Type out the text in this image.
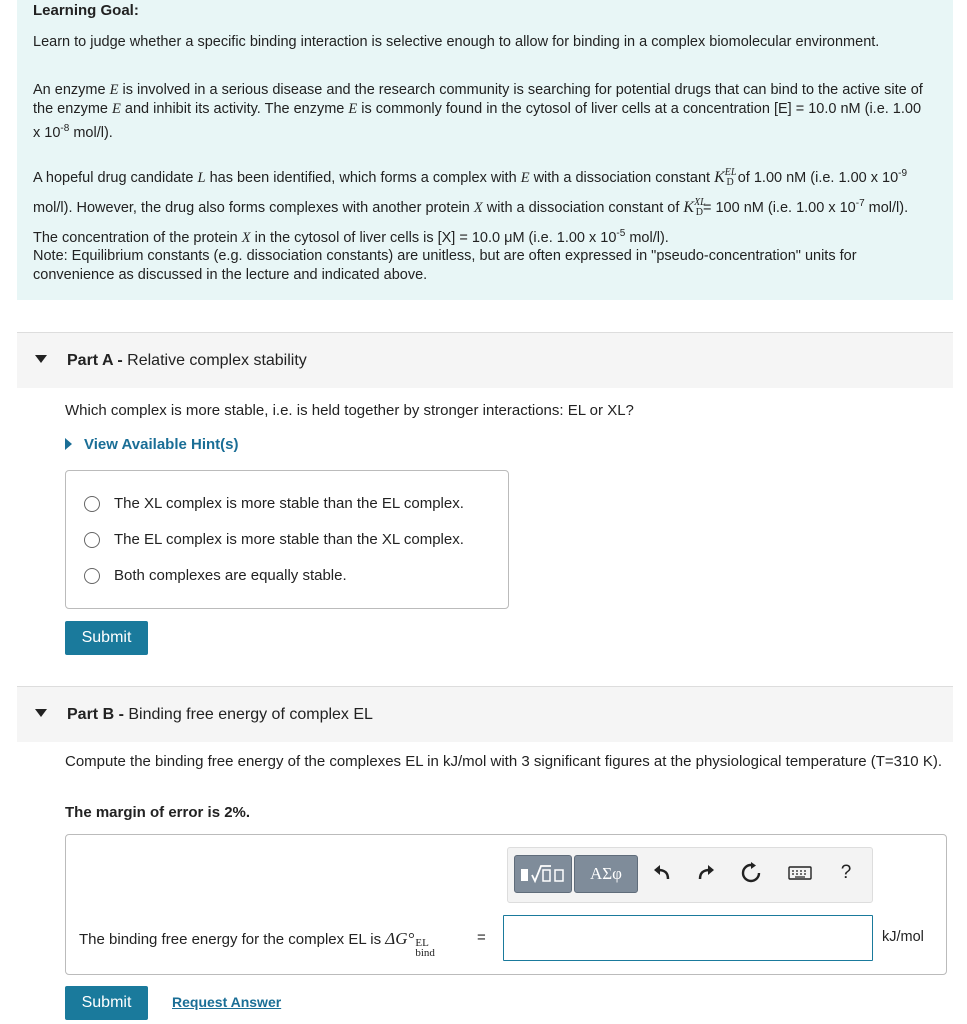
Learning Goal:

Learn to judge whether a specific binding interaction is selective enough to allow for binding in a complex biomolecular environment.

An enzyme E is involved in a serious disease and the research community is searching for potential drugs that can bind to the active site of the enzyme E and inhibit its activity. The enzyme E is commonly found in the cytosol of liver cells at a concentration [E] = 10.0 nM (i.e. 1.00 x $10^{-8}$ mol/l).

A hopeful drug candidate L has been identified, which forms a complex with E with a dissociation constant $K^{EL}D$ of 1.00 nM (i.e. 1.00 x $10^{-9}$ mol/l). However, the drug also forms complexes with another protein X with a dissociation constant of $K^{XL}D= 100$ nM (i.e. 1.00 x $10^{-7}$ mol/l). The concentration of the protein X in the cytosol of liver cells is [X] = 10.0 μM (i.e. 1.00 x $10^{-5}$ mol/l).

Note: Equilibrium constants (e.g. dissociation constants) are unitless, but are often expressed in "pseudo-concentration" units for convenience as discussed in the lecture and indicated above.

Part A - Relative complex stability
Which complex is more stable, i.e. is held together by stronger interactions: EL or XL?
View Available Hint(s)
The XL complex is more stable than the EL complex.
The EL complex is more stable than the XL complex.
Both complexes are equally stable.
Submit
Part B - Binding free energy of complex EL
Compute the binding free energy of the complexes EL in kJ/mol with 3 significant figures at the physiological temperature (T=310 K).
The margin of error is 2%.
ΑΣφ	?
The binding free energy for the complex EL is ΔG° EL
bind
=	kJ/mol
Submit	Request Answer
